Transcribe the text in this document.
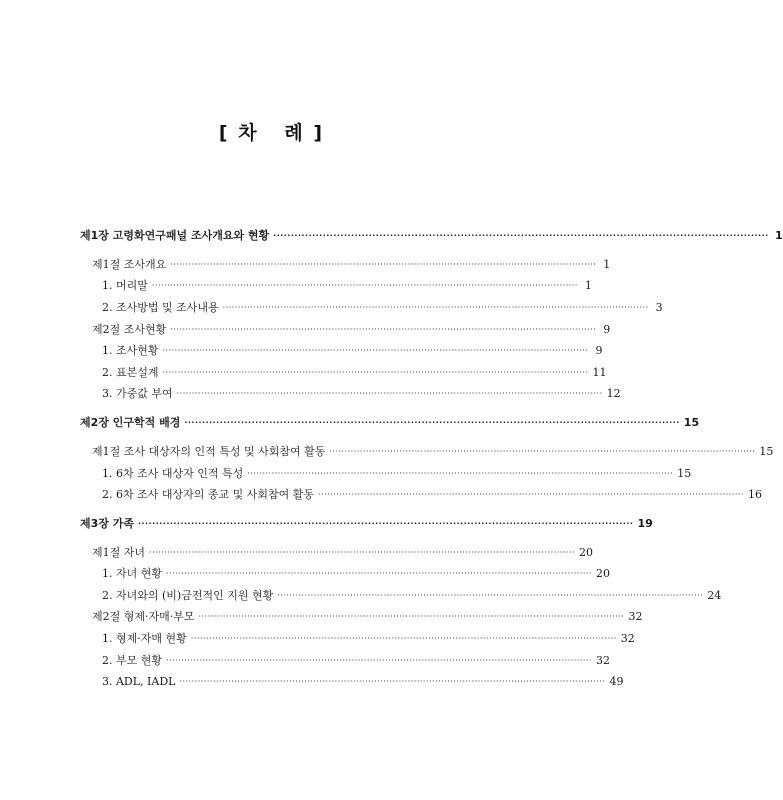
[ 차   례 ]
제1장 고령화연구패널 조사개요와 현황 ············································································································································ 1
제1절 조사개요 ············································································································································ 1
1. 머리말 ············································································································································ 1
2. 조사방법 및 조사내용 ············································································································································ 3
제2절 조사현황 ············································································································································ 9
1. 조사현황 ············································································································································ 9
2. 표본설계 ············································································································································ 11
3. 가중값 부여 ············································································································································ 12
제2장 인구학적 배경 ············································································································································ 15
제1절 조사 대상자의 인적 특성 및 사회참여 활동 ············································································································································ 15
1. 6차 조사 대상자 인적 특성 ············································································································································ 15
2. 6차 조사 대상자의 종교 및 사회참여 활동 ············································································································································ 16
제3장 가족 ············································································································································ 19
제1절 자녀 ············································································································································ 20
1. 자녀 현황 ············································································································································ 20
2. 자녀와의 (비)금전적인 지원 현황 ············································································································································ 24
제2절 형제·자매·부모 ············································································································································ 32
1. 형제·자매 현황 ············································································································································ 32
2. 부모 현황 ············································································································································ 32
3. ADL, IADL ············································································································································ 49
